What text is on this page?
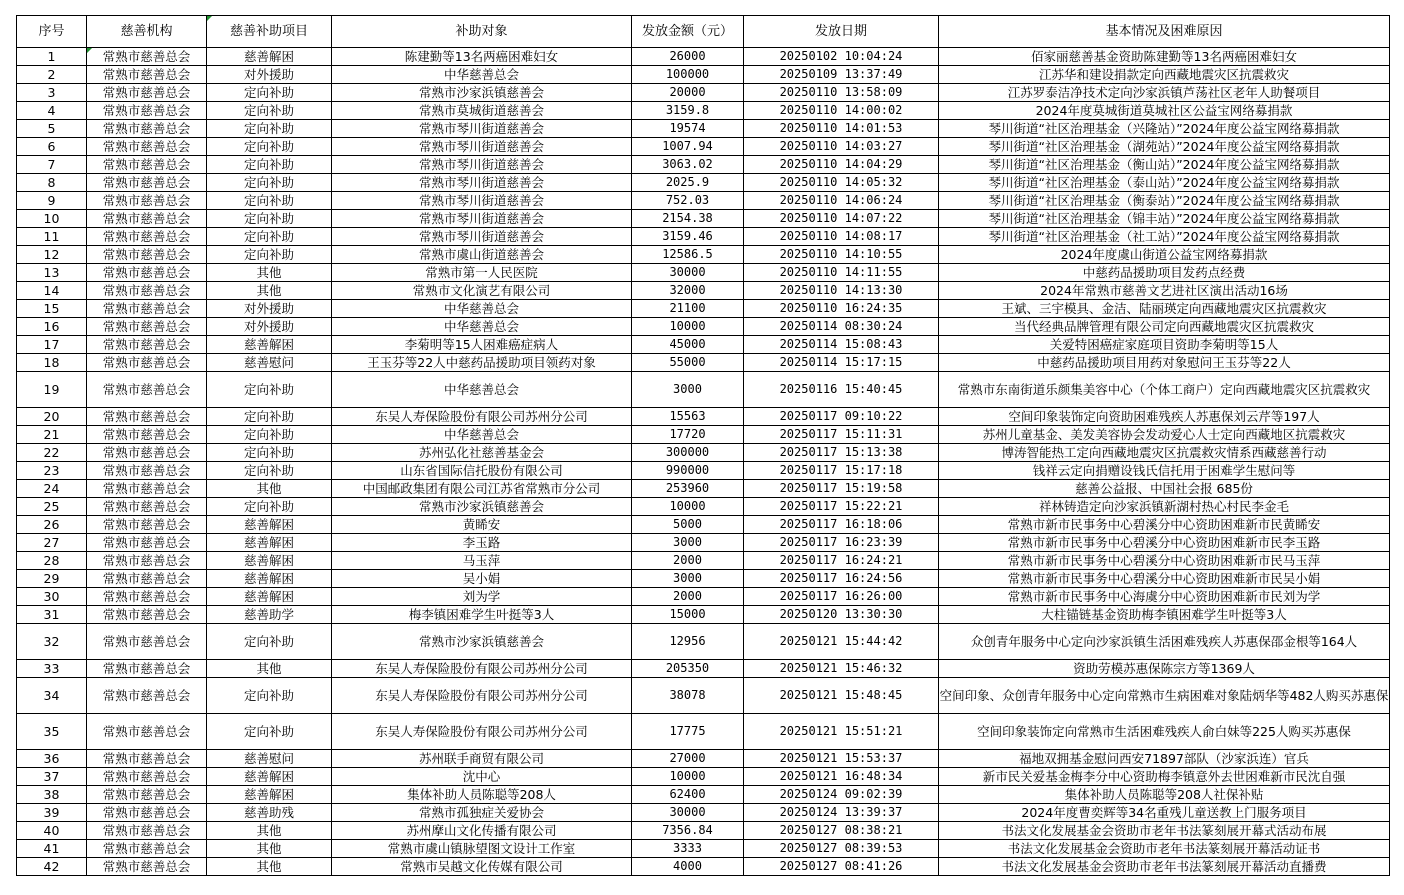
序号	慈善机构	慈善补助项目	补助对象	发放金额（元）	发放日期	基本情况及困难原因
1	常熟市慈善总会	慈善解困	陈建勤等13名两癌困难妇女	26000	20250102 10:04:24	佰家丽慈善基金资助陈建勤等13名两癌困难妇女
2	常熟市慈善总会	对外援助	中华慈善总会	100000	20250109 13:37:49	江苏华和建设捐款定向西藏地震灾区抗震救灾
3	常熟市慈善总会	定向补助	常熟市沙家浜镇慈善会	20000	20250110 13:58:09	江苏罗泰洁净技术定向沙家浜镇芦荡社区老年人助餐项目
4	常熟市慈善总会	定向补助	常熟市莫城街道慈善会	3159.8	20250110 14:00:02	2024年度莫城街道莫城社区公益宝网络募捐款
5	常熟市慈善总会	定向补助	常熟市琴川街道慈善会	19574	20250110 14:01:53	琴川街道“社区治理基金（兴隆站）”2024年度公益宝网络募捐款
6	常熟市慈善总会	定向补助	常熟市琴川街道慈善会	1007.94	20250110 14:03:27	琴川街道“社区治理基金（湖苑站）”2024年度公益宝网络募捐款
7	常熟市慈善总会	定向补助	常熟市琴川街道慈善会	3063.02	20250110 14:04:29	琴川街道“社区治理基金（衡山站）”2024年度公益宝网络募捐款
8	常熟市慈善总会	定向补助	常熟市琴川街道慈善会	2025.9	20250110 14:05:32	琴川街道“社区治理基金（泰山站）”2024年度公益宝网络募捐款
9	常熟市慈善总会	定向补助	常熟市琴川街道慈善会	752.03	20250110 14:06:24	琴川街道“社区治理基金（衡泰站）”2024年度公益宝网络募捐款
10	常熟市慈善总会	定向补助	常熟市琴川街道慈善会	2154.38	20250110 14:07:22	琴川街道“社区治理基金（锦丰站）”2024年度公益宝网络募捐款
11	常熟市慈善总会	定向补助	常熟市琴川街道慈善会	3159.46	20250110 14:08:17	琴川街道“社区治理基金（社工站）”2024年度公益宝网络募捐款
12	常熟市慈善总会	定向补助	常熟市虞山街道慈善会	12586.5	20250110 14:10:55	2024年度虞山街道公益宝网络募捐款
13	常熟市慈善总会	其他	常熟市第一人民医院	30000	20250110 14:11:55	中慈药品援助项目发药点经费
14	常熟市慈善总会	其他	常熟市文化演艺有限公司	32000	20250110 14:13:30	2024年常熟市慈善文艺进社区演出活动16场
15	常熟市慈善总会	对外援助	中华慈善总会	21100	20250110 16:24:35	王斌、三宇模具、金洁、陆丽瑛定向西藏地震灾区抗震救灾
16	常熟市慈善总会	对外援助	中华慈善总会	10000	20250114 08:30:24	当代经典品牌管理有限公司定向西藏地震灾区抗震救灾
17	常熟市慈善总会	慈善解困	李菊明等15人困难癌症病人	45000	20250114 15:08:43	关爱特困癌症家庭项目资助李菊明等15人
18	常熟市慈善总会	慈善慰问	王玉芬等22人中慈药品援助项目领药对象	55000	20250114 15:17:15	中慈药品援助项目用药对象慰问王玉芬等22人
19	常熟市慈善总会	定向补助	中华慈善总会	3000	20250116 15:40:45	常熟市东南街道乐颜集美容中心（个体工商户）定向西藏地震灾区抗震救灾
20	常熟市慈善总会	定向补助	东吴人寿保险股份有限公司苏州分公司	15563	20250117 09:10:22	空间印象装饰定向资助困难残疾人苏惠保刘云芹等197人
21	常熟市慈善总会	定向补助	中华慈善总会	17720	20250117 15:11:31	苏州儿童基金、美发美容协会发动爱心人士定向西藏地区抗震救灾
22	常熟市慈善总会	定向补助	苏州弘化社慈善基金会	300000	20250117 15:13:38	博涛智能热工定向西藏地震灾区抗震救灾情系西藏慈善行动
23	常熟市慈善总会	定向补助	山东省国际信托股份有限公司	990000	20250117 15:17:18	钱祥云定向捐赠设钱氏信托用于困难学生慰问等
24	常熟市慈善总会	其他	中国邮政集团有限公司江苏省常熟市分公司	253960	20250117 15:19:58	慈善公益报、中国社会报 685份
25	常熟市慈善总会	定向补助	常熟市沙家浜镇慈善会	10000	20250117 15:22:21	祥林铸造定向沙家浜镇新湖村热心村民李金毛
26	常熟市慈善总会	慈善解困	黄睎安	5000	20250117 16:18:06	常熟市新市民事务中心碧溪分中心资助困难新市民黄睎安
27	常熟市慈善总会	慈善解困	李玉路	3000	20250117 16:23:39	常熟市新市民事务中心碧溪分中心资助困难新市民李玉路
28	常熟市慈善总会	慈善解困	马玉萍	2000	20250117 16:24:21	常熟市新市民事务中心碧溪分中心资助困难新市民马玉萍
29	常熟市慈善总会	慈善解困	吴小娟	3000	20250117 16:24:56	常熟市新市民事务中心碧溪分中心资助困难新市民吴小娟
30	常熟市慈善总会	慈善解困	刘为学	2000	20250117 16:26:00	常熟市新市民事务中心海虞分中心资助困难新市民刘为学
31	常熟市慈善总会	慈善助学	梅李镇困难学生叶挺等3人	15000	20250120 13:30:30	大柱锚链基金资助梅李镇困难学生叶挺等3人
32	常熟市慈善总会	定向补助	常熟市沙家浜镇慈善会	12956	20250121 15:44:42	众创青年服务中心定向沙家浜镇生活困难残疾人苏惠保邵金根等164人
33	常熟市慈善总会	其他	东吴人寿保险股份有限公司苏州分公司	205350	20250121 15:46:32	资助劳模苏惠保陈宗方等1369人
34	常熟市慈善总会	定向补助	东吴人寿保险股份有限公司苏州分公司	38078	20250121 15:48:45	空间印象、众创青年服务中心定向常熟市生病困难对象陆炳华等482人购买苏惠保
35	常熟市慈善总会	定向补助	东吴人寿保险股份有限公司苏州分公司	17775	20250121 15:51:21	空间印象装饰定向常熟市生活困难残疾人俞白妹等225人购买苏惠保
36	常熟市慈善总会	慈善慰问	苏州联手商贸有限公司	27000	20250121 15:53:37	福地双拥基金慰问西安71897部队（沙家浜连）官兵
37	常熟市慈善总会	慈善解困	沈中心	10000	20250121 16:48:34	新市民关爱基金梅李分中心资助梅李镇意外去世困难新市民沈自强
38	常熟市慈善总会	慈善解困	集体补助人员陈聪等208人	62400	20250124 09:02:39	集体补助人员陈聪等208人社保补贴
39	常熟市慈善总会	慈善助残	常熟市孤独症关爱协会	30000	20250124 13:39:37	2024年度曹奕辉等34名重残儿童送教上门服务项目
40	常熟市慈善总会	其他	苏州摩山文化传播有限公司	7356.84	20250127 08:38:21	书法文化发展基金会资助市老年书法篆刻展开幕式活动布展
41	常熟市慈善总会	其他	常熟市虞山镇脉望图文设计工作室	3333	20250127 08:39:53	书法文化发展基金会资助市老年书法篆刻展开幕活动证书
42	常熟市慈善总会	其他	常熟市吴越文化传媒有限公司	4000	20250127 08:41:26	书法文化发展基金会资助市老年书法篆刻展开幕活动直播费
